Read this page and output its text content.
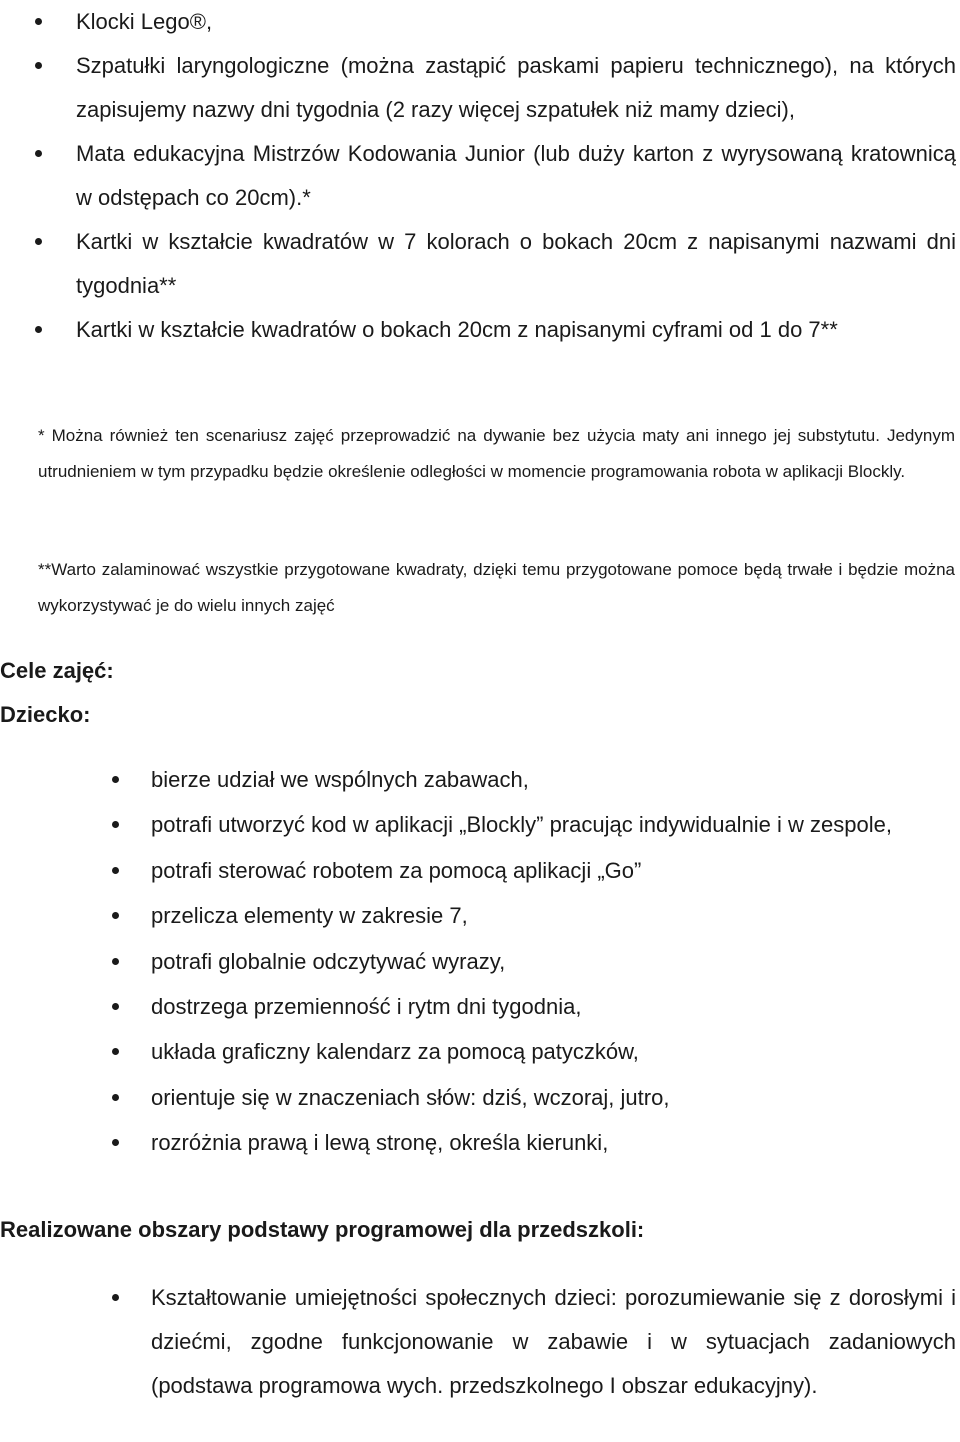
Klocki Lego®,
Szpatułki laryngologiczne (można zastąpić paskami papieru technicznego), na których zapisujemy nazwy dni tygodnia (2 razy więcej szpatułek niż mamy dzieci),
Mata edukacyjna Mistrzów Kodowania Junior (lub duży karton z wyrysowaną kratownicą w odstępach co 20cm).*
Kartki w kształcie kwadratów w 7 kolorach o bokach 20cm z napisanymi nazwami dni tygodnia**
Kartki w kształcie kwadratów o bokach 20cm z napisanymi cyframi od 1 do 7**

* Można również ten scenariusz zajęć przeprowadzić na dywanie bez użycia maty ani innego jej substytutu. Jedynym utrudnieniem w tym przypadku będzie określenie odległości w momencie programowania robota w aplikacji Blockly.

**Warto zalaminować wszystkie przygotowane kwadraty, dzięki temu przygotowane pomoce będą trwałe i będzie można wykorzystywać je do wielu innych zajęć

Cele zajęć:
Dziecko:
bierze udział we wspólnych zabawach,
potrafi utworzyć kod w aplikacji „Blockly” pracując indywidualnie i w zespole,
potrafi sterować robotem za pomocą aplikacji „Go”
przelicza elementy w zakresie 7,
potrafi globalnie odczytywać wyrazy,
dostrzega przemienność i rytm dni tygodnia,
układa graficzny kalendarz za pomocą patyczków,
orientuje się w znaczeniach słów: dziś, wczoraj, jutro,
rozróżnia prawą i lewą stronę, określa kierunki,
Realizowane obszary podstawy programowej dla przedszkoli:
Kształtowanie umiejętności społecznych dzieci: porozumiewanie się z dorosłymi i dziećmi, zgodne funkcjonowanie w zabawie i w sytuacjach zadaniowych (podstawa programowa wych. przedszkolnego I obszar edukacyjny).
